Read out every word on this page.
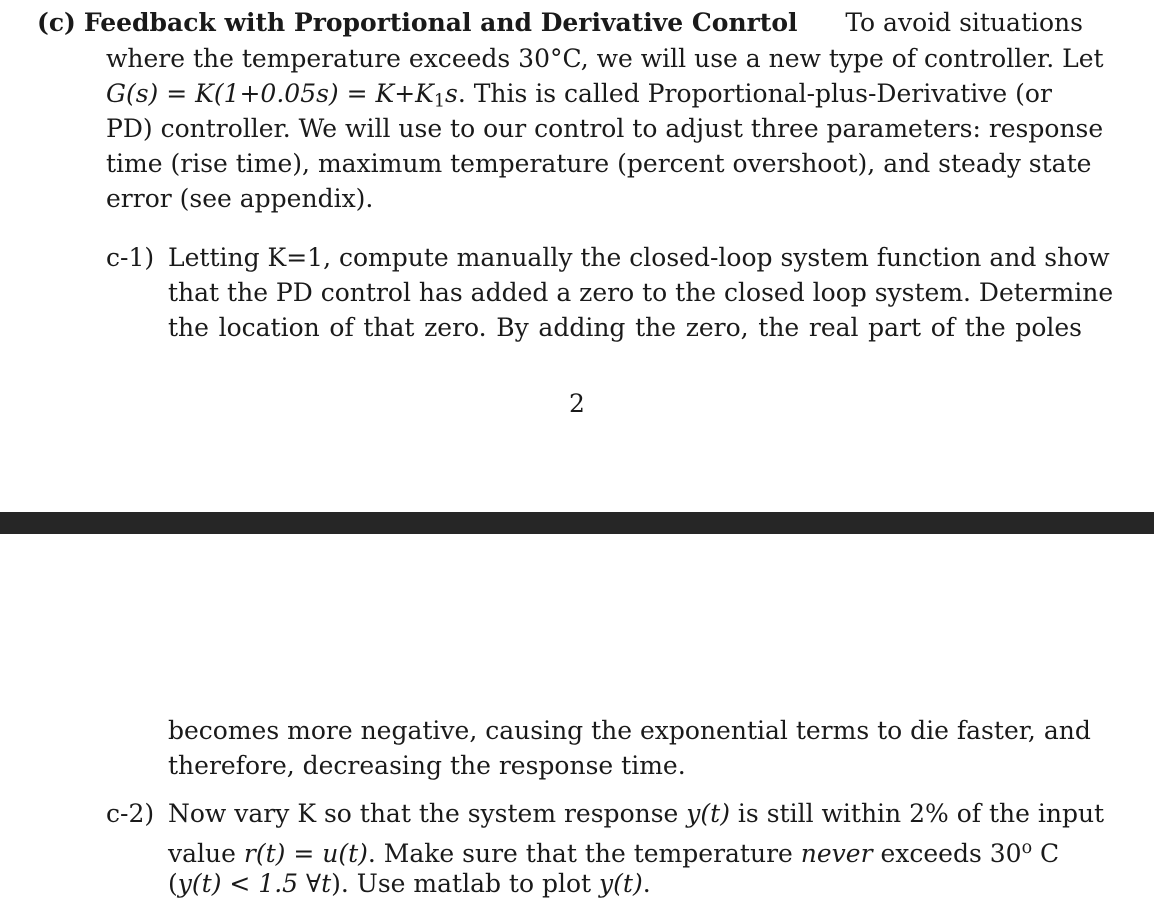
(c) Feedback with Proportional and Derivative Conrtol To avoid situations
where the temperature exceeds 30°C, we will use a new type of controller. Let
$G(s) = K(1+0.05s) = K+K_1s$. This is called Proportional-plus-Derivative (or
PD) controller. We will use to our control to adjust three parameters: response
time (rise time), maximum temperature (percent overshoot), and steady state
error (see appendix).
c-1) Letting K=1, compute manually the closed-loop system function and show
that the PD control has added a zero to the closed loop system. Determine
the location of that zero. By adding the zero, the real part of the poles
2
becomes more negative, causing the exponential terms to die faster, and
therefore, decreasing the response time.
c-2) Now vary K so that the system response y(t) is still within 2% of the input
value r(t) = u(t). Make sure that the temperature never exceeds 30$^o$ C
(y(t) < 1.5 ∀t). Use matlab to plot y(t).
